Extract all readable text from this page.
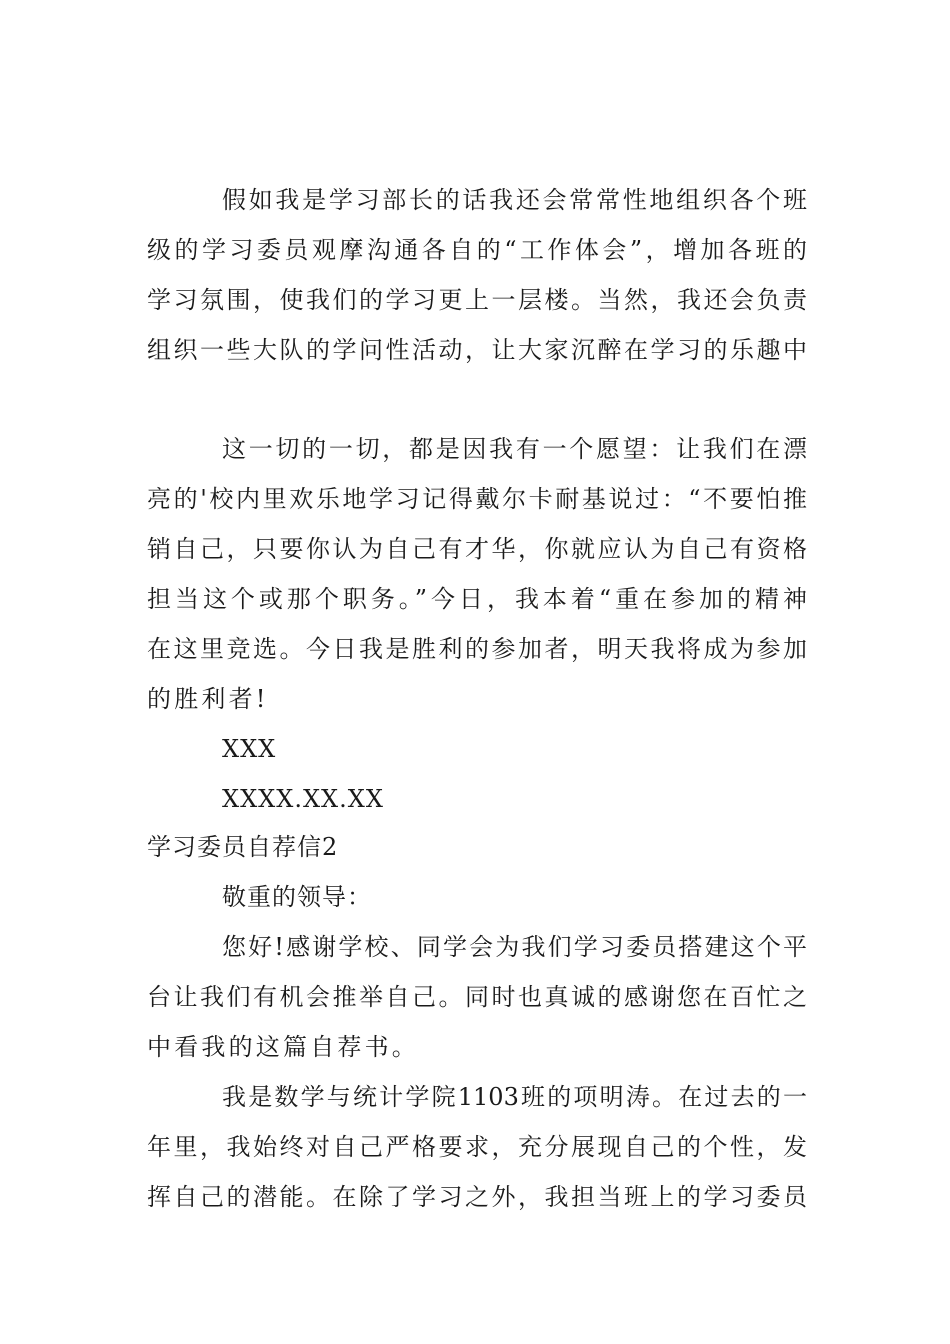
假如我是学习部长的话我还会常常性地组织各个班
级的学习委员观摩沟通各自的“工作体会”，增加各班的
学习氛围，使我们的学习更上一层楼。当然，我还会负责
组织一些大队的学问性活动，让大家沉醉在学习的乐趣中
这一切的一切，都是因我有一个愿望：让我们在漂
亮的'校内里欢乐地学习记得戴尔卡耐基说过：“不要怕推
销自己，只要你认为自己有才华，你就应认为自己有资格
担当这个或那个职务。”今日，我本着“重在参加的精神
在这里竞选。今日我是胜利的参加者，明天我将成为参加
的胜利者!
XXX
XXXX.XX.XX
学习委员自荐信2
敬重的领导：
您好!感谢学校、同学会为我们学习委员搭建这个平
台让我们有机会推举自己。同时也真诚的感谢您在百忙之
中看我的这篇自荐书。
我是数学与统计学院1103班的项明涛。在过去的一
年里，我始终对自己严格要求，充分展现自己的个性，发
挥自己的潜能。在除了学习之外，我担当班上的学习委员
